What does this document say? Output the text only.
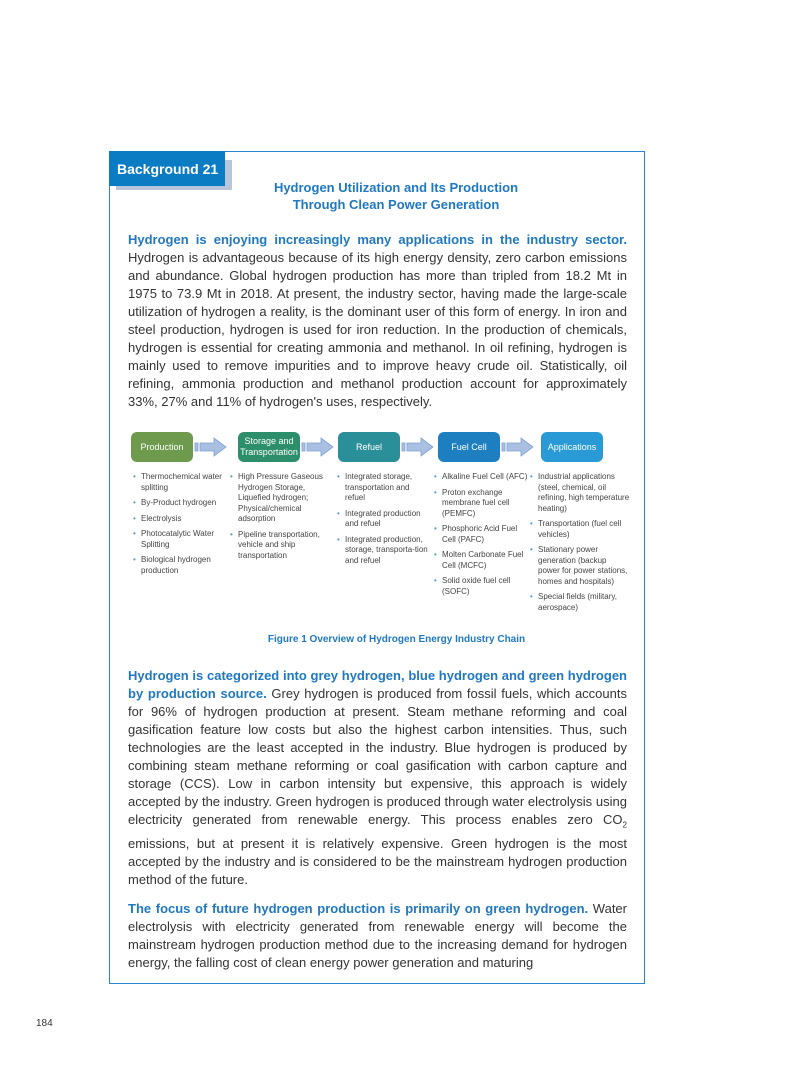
Background 21
Hydrogen Utilization and Its Production
Through Clean Power Generation
Hydrogen is enjoying increasingly many applications in the industry sector. Hydrogen is advantageous because of its high energy density, zero carbon emissions and abundance. Global hydrogen production has more than tripled from 18.2 Mt in 1975 to 73.9 Mt in 2018. At present, the industry sector, having made the large-scale utilization of hydrogen a reality, is the dominant user of this form of energy. In iron and steel production, hydrogen is used for iron reduction. In the production of chemicals, hydrogen is essential for creating ammonia and methanol. In oil refining, hydrogen is mainly used to remove impurities and to improve heavy crude oil. Statistically, oil refining, ammonia production and methanol production account for approximately 33%, 27% and 11% of hydrogen's uses, respectively.
Production
• Thermochemical water splitting
• By-Product hydrogen
• Electrolysis
• Photocatalytic Water Splitting
• Biological hydrogen production
Storage and Transportation
• High Pressure Gaseous Hydrogen Storage, Liquefied hydrogen; Physical/chemical adsorption
• Pipeline transportation, vehicle and ship transportation
Refuel
• Integrated storage, transportation and refuel
• Integrated production and refuel
• Integrated production, storage, transporta-tion and refuel
Fuel Cell
• Alkaline Fuel Cell (AFC)
• Proton exchange membrane fuel cell (PEMFC)
• Phosphoric Acid Fuel Cell (PAFC)
• Molten Carbonate Fuel Cell (MCFC)
• Solid oxide fuel cell (SOFC)
Applications
• Industrial applications (steel, chemical, oil refining, high temperature heating)
• Transportation (fuel cell vehicles)
• Stationary power generation (backup power for power stations, homes and hospitals)
• Special fields (military, aerospace)
Figure 1 Overview of Hydrogen Energy Industry Chain
Hydrogen is categorized into grey hydrogen, blue hydrogen and green hydrogen by production source. Grey hydrogen is produced from fossil fuels, which accounts for 96% of hydrogen production at present. Steam methane reforming and coal gasification feature low costs but also the highest carbon intensities. Thus, such technologies are the least accepted in the industry. Blue hydrogen is produced by combining steam methane reforming or coal gasification with carbon capture and storage (CCS). Low in carbon intensity but expensive, this approach is widely accepted by the industry. Green hydrogen is produced through water electrolysis using electricity generated from renewable energy. This process enables zero $CO_2$ emissions, but at present it is relatively expensive. Green hydrogen is the most accepted by the industry and is considered to be the mainstream hydrogen production method of the future.
The focus of future hydrogen production is primarily on green hydrogen. Water electrolysis with electricity generated from renewable energy will become the mainstream hydrogen production method due to the increasing demand for hydrogen energy, the falling cost of clean energy power generation and maturing
184
